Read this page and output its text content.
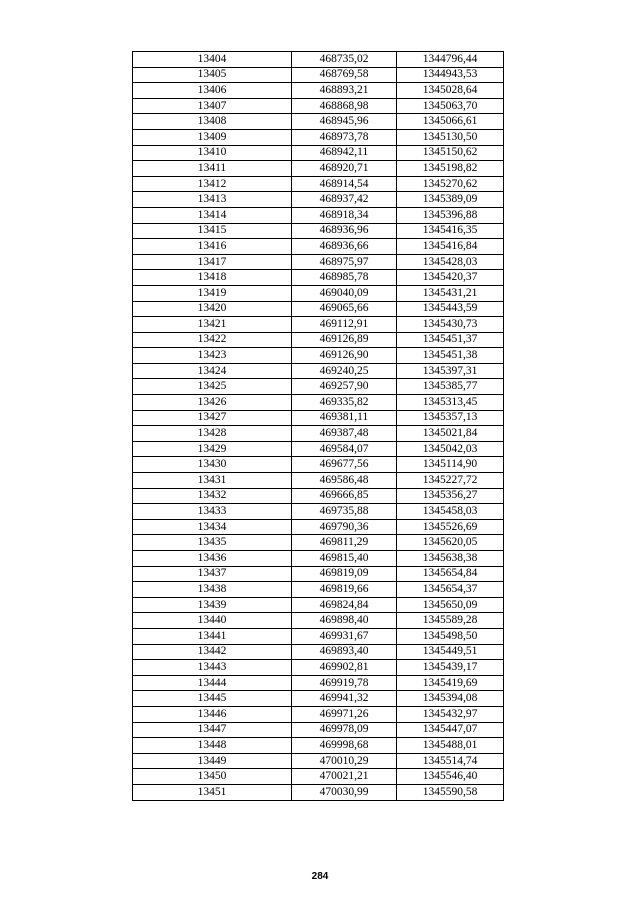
13404	468735,02	1344796,44
13405	468769,58	1344943,53
13406	468893,21	1345028,64
13407	468868,98	1345063,70
13408	468945,96	1345066,61
13409	468973,78	1345130,50
13410	468942,11	1345150,62
13411	468920,71	1345198,82
13412	468914,54	1345270,62
13413	468937,42	1345389,09
13414	468918,34	1345396,88
13415	468936,96	1345416,35
13416	468936,66	1345416,84
13417	468975,97	1345428,03
13418	468985,78	1345420,37
13419	469040,09	1345431,21
13420	469065,66	1345443,59
13421	469112,91	1345430,73
13422	469126,89	1345451,37
13423	469126,90	1345451,38
13424	469240,25	1345397,31
13425	469257,90	1345385,77
13426	469335,82	1345313,45
13427	469381,11	1345357,13
13428	469387,48	1345021,84
13429	469584,07	1345042,03
13430	469677,56	1345114,90
13431	469586,48	1345227,72
13432	469666,85	1345356,27
13433	469735,88	1345458,03
13434	469790,36	1345526,69
13435	469811,29	1345620,05
13436	469815,40	1345638,38
13437	469819,09	1345654,84
13438	469819,66	1345654,37
13439	469824,84	1345650,09
13440	469898,40	1345589,28
13441	469931,67	1345498,50
13442	469893,40	1345449,51
13443	469902,81	1345439,17
13444	469919,78	1345419,69
13445	469941,32	1345394,08
13446	469971,26	1345432,97
13447	469978,09	1345447,07
13448	469998,68	1345488,01
13449	470010,29	1345514,74
13450	470021,21	1345546,40
13451	470030,99	1345590,58
284
